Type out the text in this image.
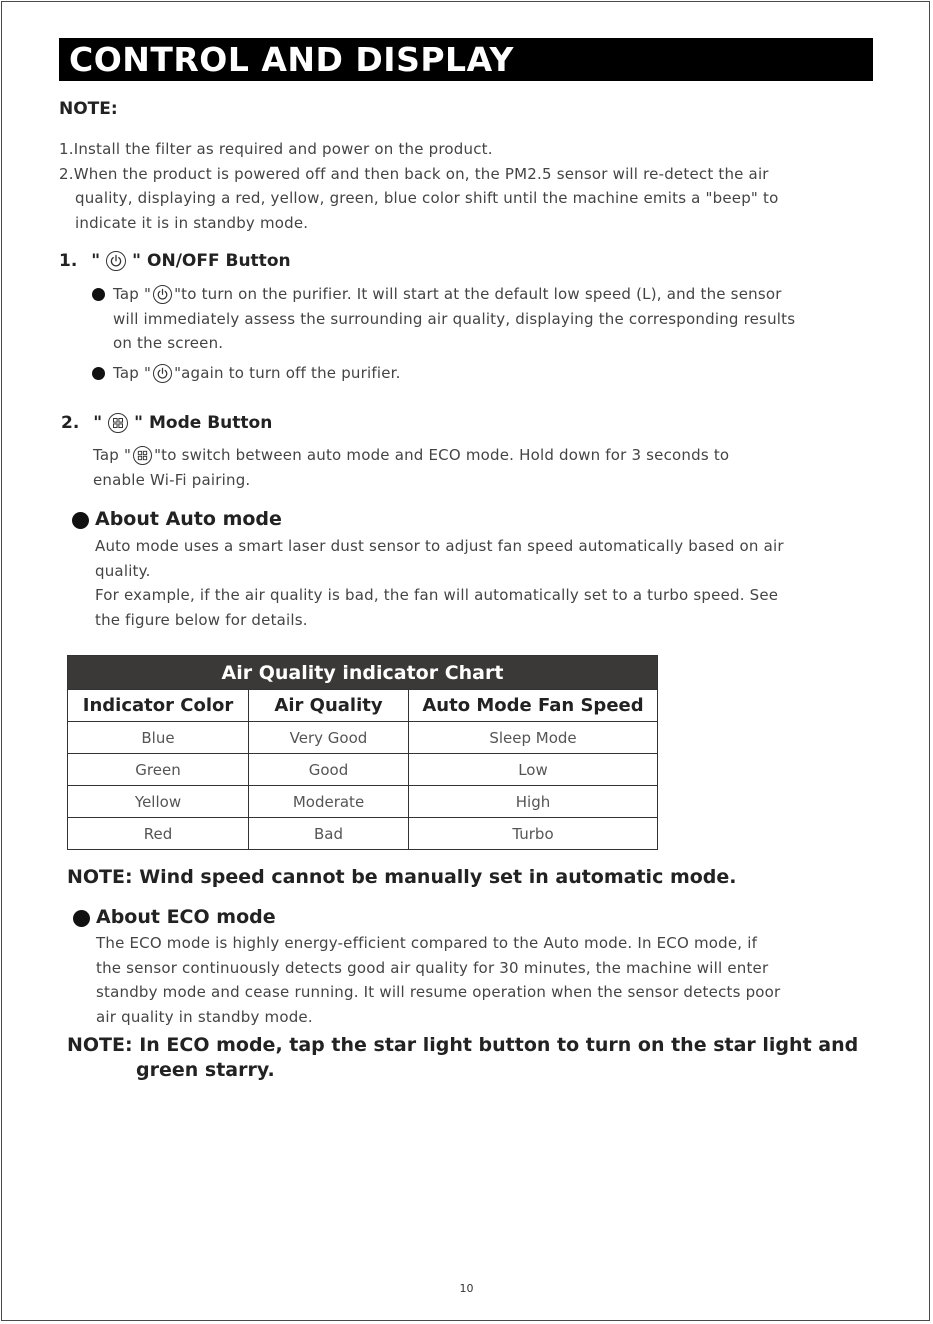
CONTROL AND DISPLAY
NOTE:
1.Install the filter as required and power on the product.
2.When the product is powered off and then back on, the PM2.5 sensor will re-detect the air
quality, displaying a red, yellow, green, blue color shift until the machine emits a "beep" to
indicate it is in standby mode.
1. " " ON/OFF Button
Tap " "to turn on the purifier. It will start at the default low speed (L), and the sensor
will immediately assess the surrounding air quality, displaying the corresponding results
on the screen.
Tap " "again to turn off the purifier.
2. " " Mode Button
Tap " "to switch between auto mode and ECO mode. Hold down for 3 seconds to
enable Wi-Fi pairing.
About Auto mode
Auto mode uses a smart laser dust sensor to adjust fan speed automatically based on air
quality.
For example, if the air quality is bad, the fan will automatically set to a turbo speed. See
the figure below for details.
Air Quality indicator Chart		
Indicator Color	Air Quality	Auto Mode Fan Speed
Blue	Very Good	Sleep Mode
Green	Good	Low
Yellow	Moderate	High
Red	Bad	Turbo
NOTE: Wind speed cannot be manually set in automatic mode.
About ECO mode
The ECO mode is highly energy-efficient compared to the Auto mode. In ECO mode, if
the sensor continuously detects good air quality for 30 minutes, the machine will enter
standby mode and cease running. It will resume operation when the sensor detects poor
air quality in standby mode.
NOTE: In ECO mode, tap the star light button to turn on the star light and
green starry.
10
